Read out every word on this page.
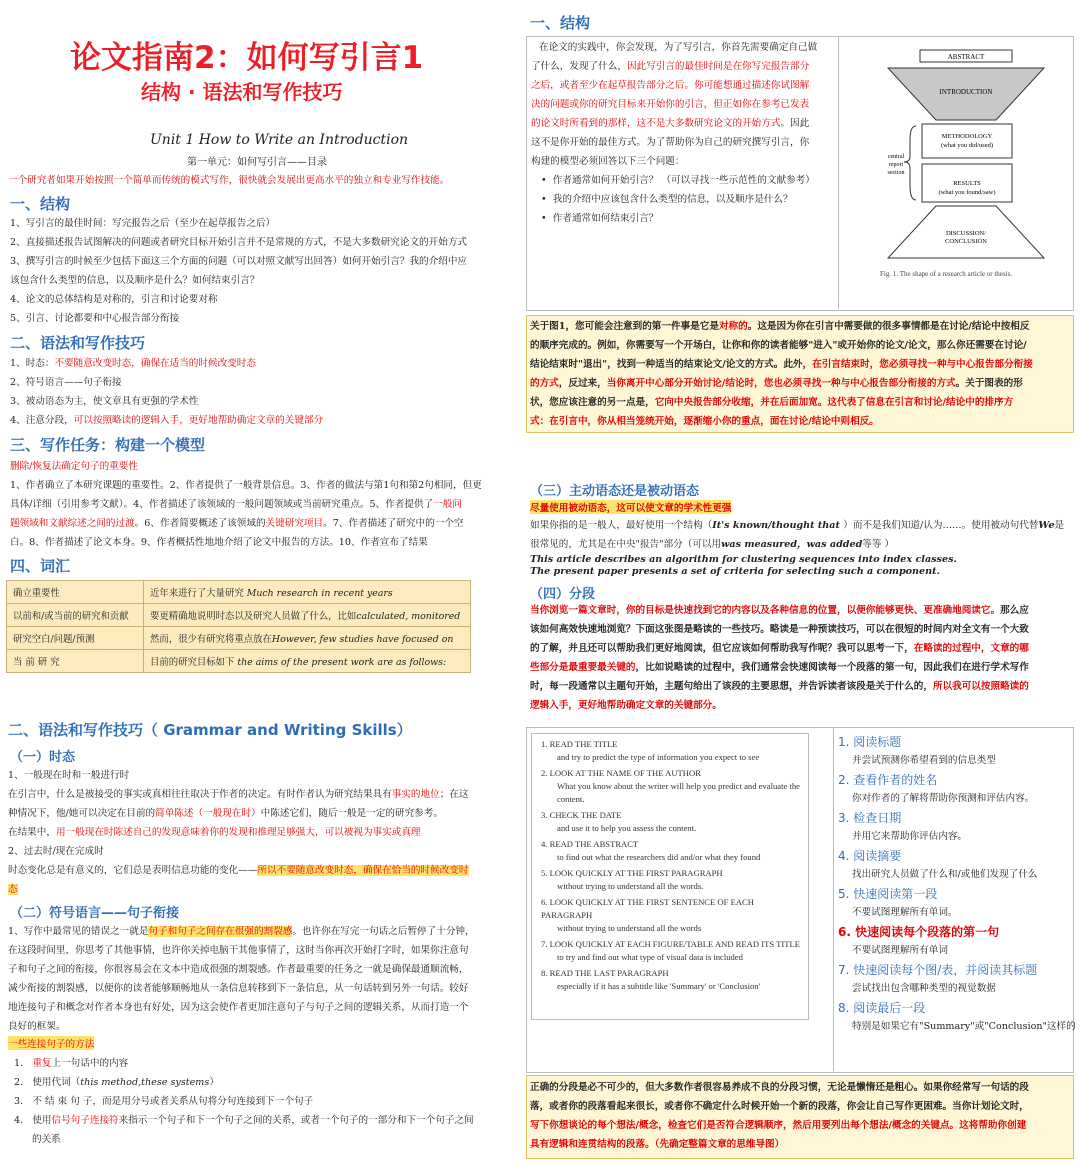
论文指南2：如何写引言1
结构 · 语法和写作技巧
Unit 1 How to Write an Introduction
第一单元：如何写引言——目录
一个研究者如果开始按照一个简单而传统的模式写作，很快就会发展出更高水平的独立和专业写作技能。
一、结构
1、写引言的最佳时间：写完报告之后（至少在起草报告之后）
2、直接描述报告试图解决的问题或者研究目标开始引言并不是常规的方式，不是大多数研究论文的开始方式
3、撰写引言的时候至少包括下面这三个方面的问题（可以对照文献写出回答）如何开始引言？我的介绍中应
该包含什么类型的信息，以及顺序是什么？如何结束引言？
4、论文的总体结构是对称的，引言和讨论要对称
5、引言、讨论都要和中心报告部分衔接
二、语法和写作技巧
1、时态：不要随意改变时态，确保在适当的时候改变时态
2、符号语言——句子衔接
3、被动语态为主，使文章具有更强的学术性
4、注意分段，可以按照略读的逻辑入手，更好地帮助确定文章的关键部分
三、写作任务：构建一个模型
删除/恢复法确定句子的重要性
1、作者确立了本研究课题的重要性。2、作者提供了一般背景信息。3、作者的做法与第1句和第2句相同，但更
具体/详细（引用参考文献）。4、作者描述了该领域的一般问题领域或当前研究重点。5、作者提供了一般问
题领域和文献综述之间的过渡。6、作者简要概述了该领域的关键研究项目。7、作者描述了研究中的一个空
白。8、作者描述了论文本身。9、作者概括性地地介绍了论文中报告的方法。10、作者宣布了结果
四、词汇
确立重要性	近年来进行了大量研究 Much research in recent years
以前和/或当前的研究和贡献	要更精确地说明时态以及研究人员做了什么，比如calculated, monitored
研究空白/问题/预测	然而，很少有研究将重点放在However, few studies have focused on
当 前 研 究	目前的研究目标如下 the aims of the present work are as follows:
二、语法和写作技巧（ Grammar and Writing Skills）
（一）时态
1、一般现在时和一般进行时
在引言中，什么是被接受的事实或真相往往取决于作者的决定。有时作者认为研究结果具有事实的地位；在这
种情况下，他/她可以决定在目前的简单陈述（一般现在时）中陈述它们，随后一般是一定的研究参考。
在结果中，用一般现在时陈述自己的发现意味着你的发现和推理足够强大，可以被视为事实或真理
2、过去时/现在完成时
时态变化总是有意义的，它们总是表明信息功能的变化——所以不要随意改变时态，确保在恰当的时候改变时
态
（二）符号语言——句子衔接
1、写作中最常见的错误之一就是句子和句子之间存在很强的割裂感。也许你在写完一句话之后暂停了十分钟，
在这段时间里，你思考了其他事情，也许你关掉电脑干其他事情了，这时当你再次开始打字时，如果你注意句
子和句子之间的衔接，你很容易会在文本中造成很强的割裂感。作者最重要的任务之一就是确保最通顺流畅，
减少衔接的割裂感，以便你的读者能够顺畅地从一条信息转移到下一条信息，从一句话转到另外一句话。较好
地连接句子和概念对作者本身也有好处，因为这会使作者更加注意句子与句子之间的逻辑关系，从而打造一个
良好的框架。
一些连接句子的方法
1.   重复上一句话中的内容
2.   使用代词（this method,these systems）
3.   不 结 束 句 子，而是用分号或者关系从句将分句连接到下一个句子
4.   使用信号句子连接符来指示一个句子和下一个句子之间的关系，或者一个句子的一部分和下一个句子之间
的关系
一、结构
在论文的实践中，你会发现，为了写引言，你首先需要确定自己做
了什么，发现了什么，因此写引言的最佳时间是在你写完报告部分
之后，或者至少在起草报告部分之后。你可能想通过描述你试图解
决的问题或你的研究目标来开始你的引言，但正如你在参考已发表
的论文时所看到的那样，这不是大多数研究论文的开始方式。因此
这不是你开始的最佳方式。为了帮助你为自己的研究撰写引言，你
构建的模型必须回答以下三个问题：
•  作者通常如何开始引言？ （可以寻找一些示范性的文献参考）
•  我的介绍中应该包含什么类型的信息，以及顺序是什么？
•  作者通常如何结束引言？
ABSTRACT
INTRODUCTION
METHODOLOGY
(what you did/used)
RESULTS
(what you found/saw)
DISCUSSION/
CONCLUSION
central
report
section
Fig. 1. The shape of a research article or thesis.
关于图1，您可能会注意到的第一件事是它是对称的。这是因为你在引言中需要做的很多事情都是在讨论/结论中按相反
的顺序完成的。例如，你需要写一个开场白，让你和你的读者能够"进入"或开始你的论文/论文，那么你还需要在讨论/
结论结束时"退出"，找到一种适当的结束论文/论文的方式。此外，在引言结束时，您必须寻找一种与中心报告部分衔接
的方式，反过来，当你离开中心部分开始讨论/结论时，您也必须寻找一种与中心报告部分衔接的方式。关于图表的形
状，您应该注意的另一点是，它向中央报告部分收缩，并在后面加宽。这代表了信息在引言和讨论/结论中的排序方
式：在引言中，你从相当笼统开始，逐渐缩小你的重点，面在讨论/结论中则相反。
（三）主动语态还是被动语态
尽量使用被动语态，这可以使文章的学术性更强
如果你指的是一般人，最好使用一个结构（It's known/thought that ）而不是我们知道/认为……。使用被动句代替We是
很常见的，尤其是在中央"报告"部分（可以用was measured，was added等等 ）
This article describes an algorithm for clustering sequences into index classes.
The present paper presents a set of criteria for selecting such a component.
（四）分段
当你浏览一篇文章时，你的目标是快速找到它的内容以及各种信息的位置，以便你能够更快、更准确地阅读它。那么应
该如何高效快速地浏览？下面这张图是略读的一些技巧。略读是一种预读技巧，可以在很短的时间内对全文有一个大致
的了解，并且还可以帮助我们更好地阅读，但它应该如何帮助我写作呢？我可以思考一下，在略读的过程中，文章的哪
些部分是最重要最关键的，比如说略读的过程中，我们通常会快速阅读每一个段落的第一句，因此我们在进行学术写作
时，每一段通常以主题句开始，主题句给出了该段的主要思想，并告诉读者该段是关于什么的，所以我可以按照略读的
逻辑入手，更好地帮助确定文章的关键部分。
1. READ THE TITLE
and try to predict the type of information you expect to see
2. LOOK AT THE NAME OF THE AUTHOR
What you know about the writer will help you predict and evaluate the content.
3. CHECK THE DATE
and use it to help you assess the content.
4. READ THE ABSTRACT
to find out what the researchers did and/or what they found
5. LOOK QUICKLY AT THE FIRST PARAGRAPH
without trying to understand all the words.
6. LOOK QUICKLY AT THE FIRST SENTENCE OF EACH PARAGRAPH
without trying to understand all the words
7. LOOK QUICKLY AT EACH FIGURE/TABLE AND READ ITS TITLE
to try and find out what type of visual data is included
8. READ THE LAST PARAGRAPH
especially if it has a subtitle like 'Summary' or 'Conclusion'
1. 阅读标题
并尝试预测你希望看到的信息类型
2. 查看作者的姓名
你对作者的了解将帮助你预测和评估内容。
3. 检查日期
并用它来帮助你评估内容。
4. 阅读摘要
找出研究人员做了什么和/或他们发现了什么
5. 快速阅读第一段
不要试图理解所有单词。
6. 快速阅读每个段落的第一句
不要试图理解所有单词
7. 快速阅读每个图/表，并阅读其标题
尝试找出包含哪种类型的视觉数据
8. 阅读最后一段
特别是如果它有"Summary"或"Conclusion"这样的
正确的分段是必不可少的，但大多数作者很容易养成不良的分段习惯，无论是懒惰还是粗心。如果你经常写一句话的段
落，或者你的段落看起来很长，或者你不确定什么时候开始一个新的段落，你会让自己写作更困难。当你计划论文时，
写下你想谈论的每个想法/概念，检查它们是否符合逻辑顺序，然后用要列出每个想法/概念的关键点。这将帮助你创建
具有逻辑和连贯结构的段落。（先确定整篇文章的思维导图）
